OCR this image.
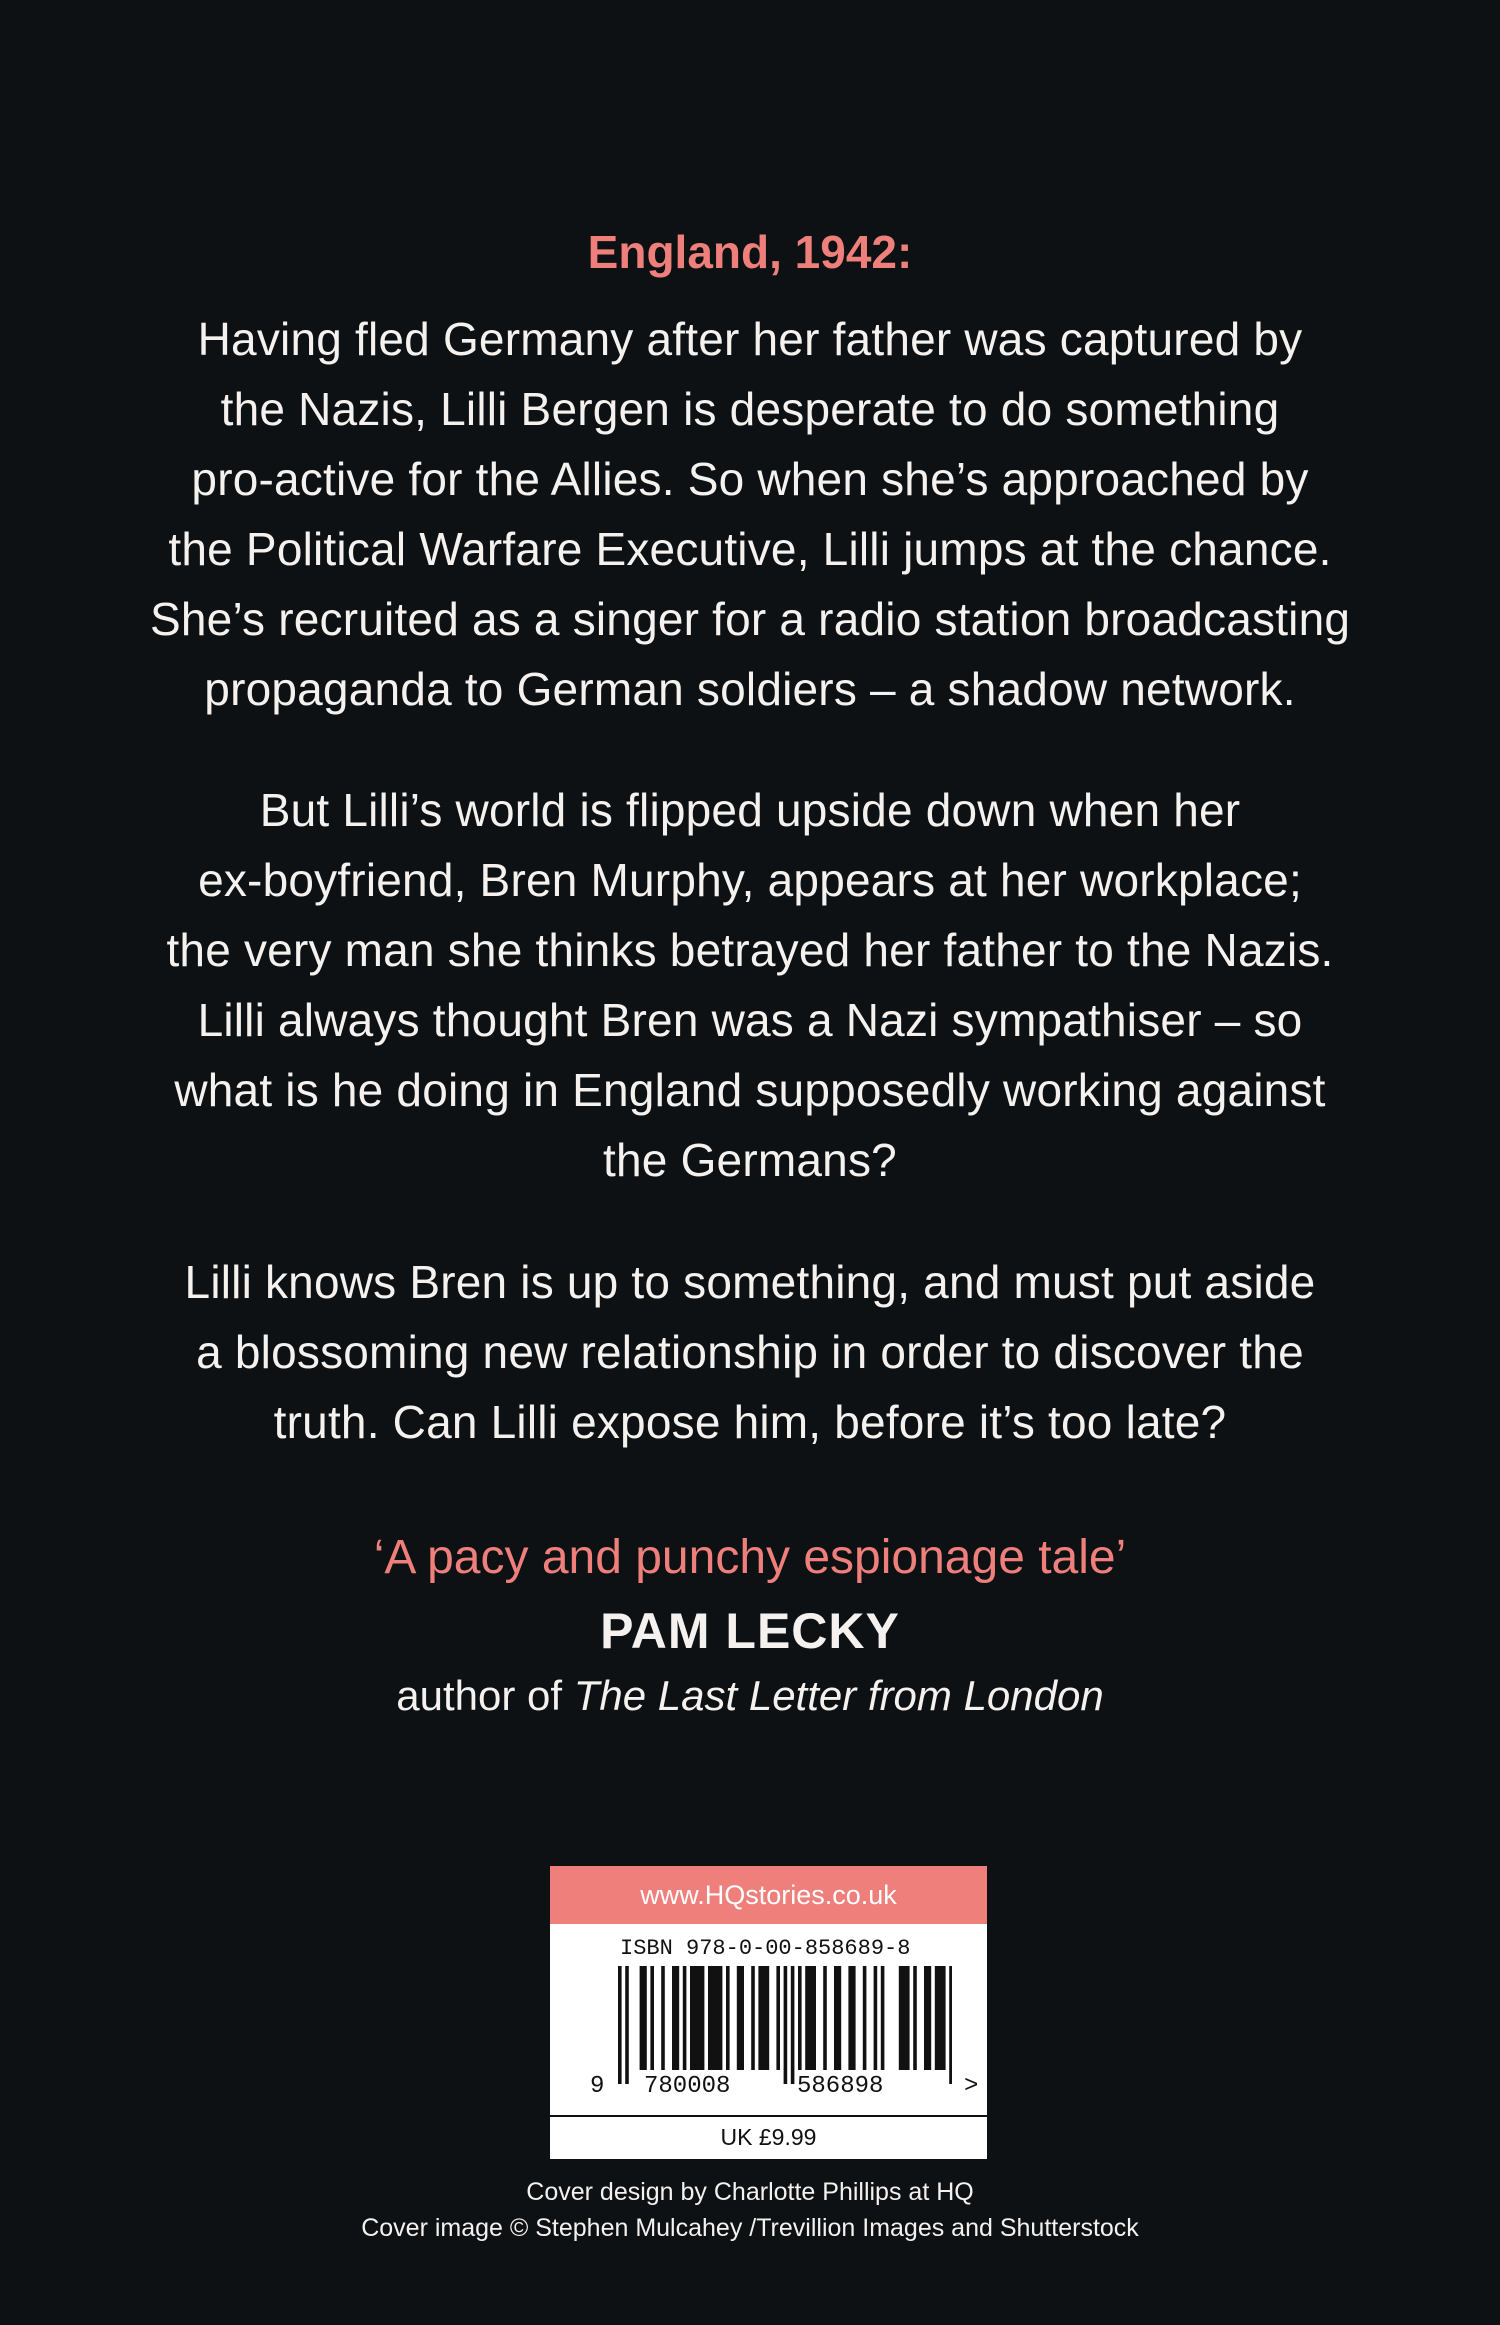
England, 1942:
Having fled Germany after her father was captured by
the Nazis, Lilli Bergen is desperate to do something
pro-active for the Allies. So when she’s approached by
the Political Warfare Executive, Lilli jumps at the chance.
She’s recruited as a singer for a radio station broadcasting
propaganda to German soldiers – a shadow network.
But Lilli’s world is flipped upside down when her
ex-boyfriend, Bren Murphy, appears at her workplace;
the very man she thinks betrayed her father to the Nazis.
Lilli always thought Bren was a Nazi sympathiser – so
what is he doing in England supposedly working against
the Germans?
Lilli knows Bren is up to something, and must put aside
a blossoming new relationship in order to discover the
truth. Can Lilli expose him, before it’s too late?
‘A pacy and punchy espionage tale’
PAM LECKY
author of The Last Letter from London
www.HQstories.co.uk
ISBN 978-0-00-858689-8
9 780008	586898	>
UK £9.99
Cover design by Charlotte Phillips at HQ
Cover image © Stephen Mulcahey /Trevillion Images and Shutterstock
